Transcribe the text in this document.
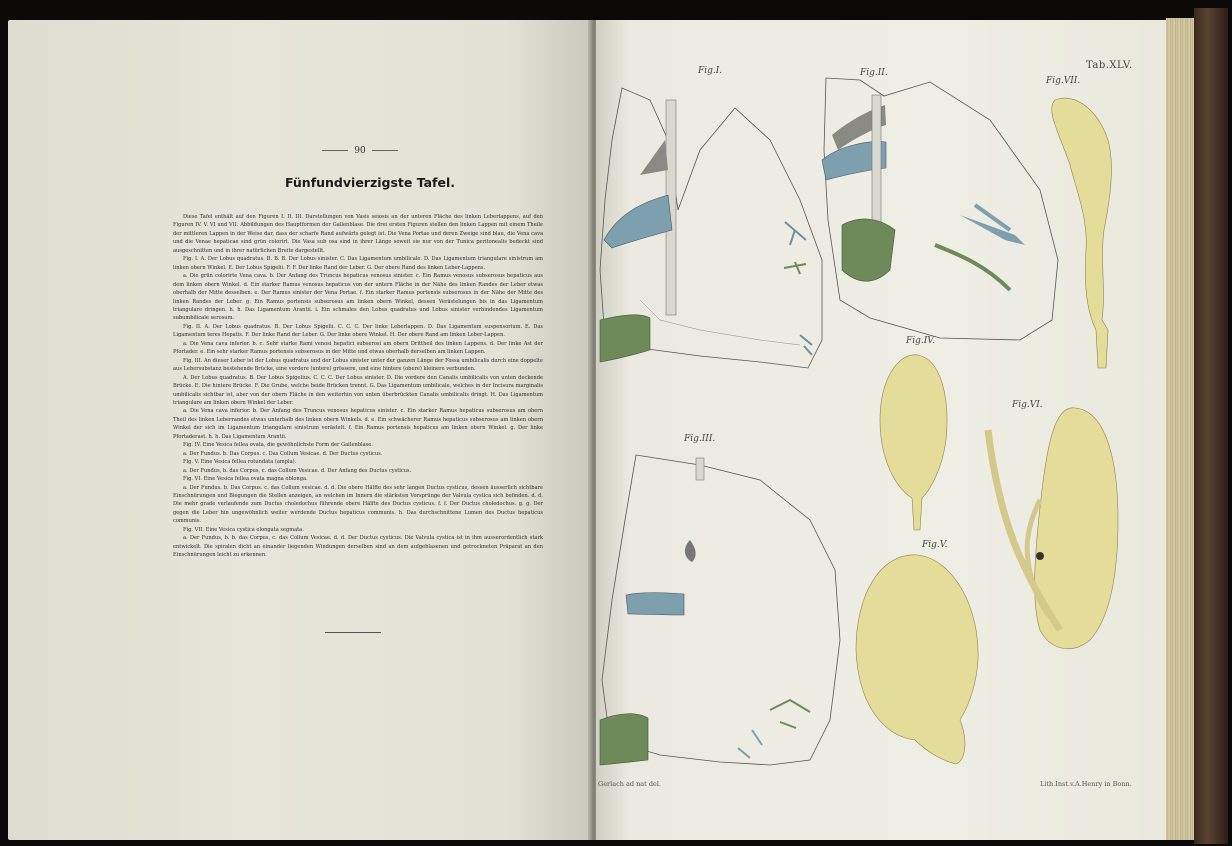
90
Fünfundvierzigste Tafel.

Diese Tafel enthält auf den Figuren I. II. III. Darstellungen von Vasis seiosis an der unteren Fläche des linken Leberlappens, auf den Figuren IV. V. VI und VII. Abbildungen des Hauptformen der Gallenblase. Die drei ersten Figuren stellen den linken Lappen mit einem Theile der mittleren Lappen in der Weise dar, dass der scharfe Rand aufwärts gelegt ist. Die Vena Portae und deren Zweige sind blau, die Vena cava und die Venae hepaticae sind grün colorirt. Die Vasa sub osa sind in ihrer Länge soweit sie nur von der Tunica peritonealis bedeckt sind ausgeschnitten und in ihrer natürlichen Breite dargestellt.

Fig. I. A. Der Lobus quadratus. B. B. B. Der Lobus sinister. C. Das Ligamentum umbilicale. D. Das Ligamentum triangulare sinistrum am linken obern Winkel. E. Der Lobus Spigelii. F. F. Der linke Rand der Leber. G. Der obere Rand des linken Leber-Lappens.

a. Die grün colorirte Vena cava. b. Der Anfang des Truncus hepaticus venosus sinister. c. Ein Ramus venosus subserosus hepaticus aus dem linken obern Winkel. d. Ein starker Ramus venosus hepaticus von der untern Fläche in der Nähe des linken Randes der Leber etwas oberhalb der Mitte desselben. e. Der Ramus sinister der Vena Portae. f. Ein starker Ramus portensis subserosus in der Nähe der Mitte des linken Randes der Leber. g. Ein Ramus portensis subserosus am linken obern Winkel, dessen Verästelungen bis in das Ligamentum triangulare dringen. h. h. Das Ligamentum Arantii. i. Ein schmales den Lobus quadratus und Lobus sinister verbindendes Ligamentum subumbilicale serosum.

Fig. II. A. Der Lobus quadratus. B. Der Lobus Spigelii. C. C. C. Der linke Leberlappen. D. Das Ligamentum suspensorium. E. Das Ligamentum teres Hepatis. F. Der linke Rand der Leber. G. Der linke obere Winkel. H. Der obere Rand am linken Leber-Lappen.

a. Die Vena cava inferior. b. c. Sehr starke Rami venosi hepatici subserosi am obern Drittheil des linken Lappens. d. Der linke Ast der Pfortader. e. Ein sehr starker Ramus portensis subserosus in der Mitte und etwas oberhalb derselben am linken Lappen.

Fig. III. An dieser Leber ist der Lobus quadratus und der Lobus sinister unter der ganzen Länge der Fossa umbilicalis durch eine doppelte aus Lebersubstanz bestehende Brücke, eine vordere (untere) grössere, und eine hintere (obere) kleinere verbunden.

A. Der Lobus quadratus. B. Der Lobus Spigelius. C. C. C. Der Lobus sinister. D. Die vordere den Canalis umbilicalis von unten deckende Brücke. E. Die hintere Brücke. F. Die Grube, welche beide Brücken trennt. G. Das Ligamentum umbilicale, welches in der Incisura marginalis umbilicalis sichtbar ist, aber von der obern Fläche in den weiterhin von unten überbrückten Canalis umbilicalis dringt. H. Das Ligamentum triangulare am linken obern Winkel der Leber.

a. Die Vena cava inferior. b. Der Anfang des Truncus venosus hepaticus sinister. c. Ein starker Ramus hepaticus subserosus am obern Theil des linken Leberrandes etwas unterhalb des linken obern Winkels. d. e. Ein schwächerer Ramus hepaticus subserosus am linken obern Winkel der sich im Ligamentum triangulare sinistrum verästelt. f. Ein Ramus portensis hepaticus am linken obern Winkel. g. Der linke Pfortaderast. h. h. Das Ligamentum Arantii.

Fig. IV. Eine Vesica fellea ovata, die gewöhnlichste Form der Gallenblase.

a. Der Fundus. b. Das Corpus. c. Das Collum Vesicae. d. Der Ductus cysticus.

Fig. V. Eine Vesica fellea rotundata (ampla).

a. Der Fundus, b. das Corpus, c. das Collum Vesicae. d. Der Anfang des Ductus cysticus.

Fig. VI. Eine Vesica fellea ovata magna oblonga.

a. Der Fundus. b. Das Corpus. c. das Collum vesicae. d. d. Die obere Hälfte des sehr langen Ductus cysticus, dessen äusserlich sichtbare Einschnürungen und Biegungen die Stellen anzeigen, an welchen im Innern die stärksten Vorsprünge der Valvula cystica sich befinden. d. d. Die mehr grade verlaufende zum Ductus choledochus führende obere Hälfte des Ductus cysticus. f. f. Der Ductus choledochus. g. g. Der gegen die Leber hin ungewöhnlich weiter werdende Ductus hepaticus communis. h. Das durchschnittene Lumen des Ductus hepaticus communis.

Fig. VII. Eine Vesica cystica elongata segmata.

a. Der Fundus, b. b. das Corpus, c. das Collum Vesicae. d. d. Der Ductus cysticus. Die Valvula cystica ist in ihm ausserordentlich stark entwickelt. Die spiralen dicht an einander liegenden Windungen derselben sind an dem aufgeblasenen und getrockneten Präparat an den Einschnürungen leicht zu erkennen.

Tab.XLV.
Fig.I.	Fig.II.
Fig.VII.
Fig.IV.
Fig.VI.
Fig.III.
Fig.V.
Gerlach ad nat del.	Lith.Inst.v.A.Henry in Bonn.
